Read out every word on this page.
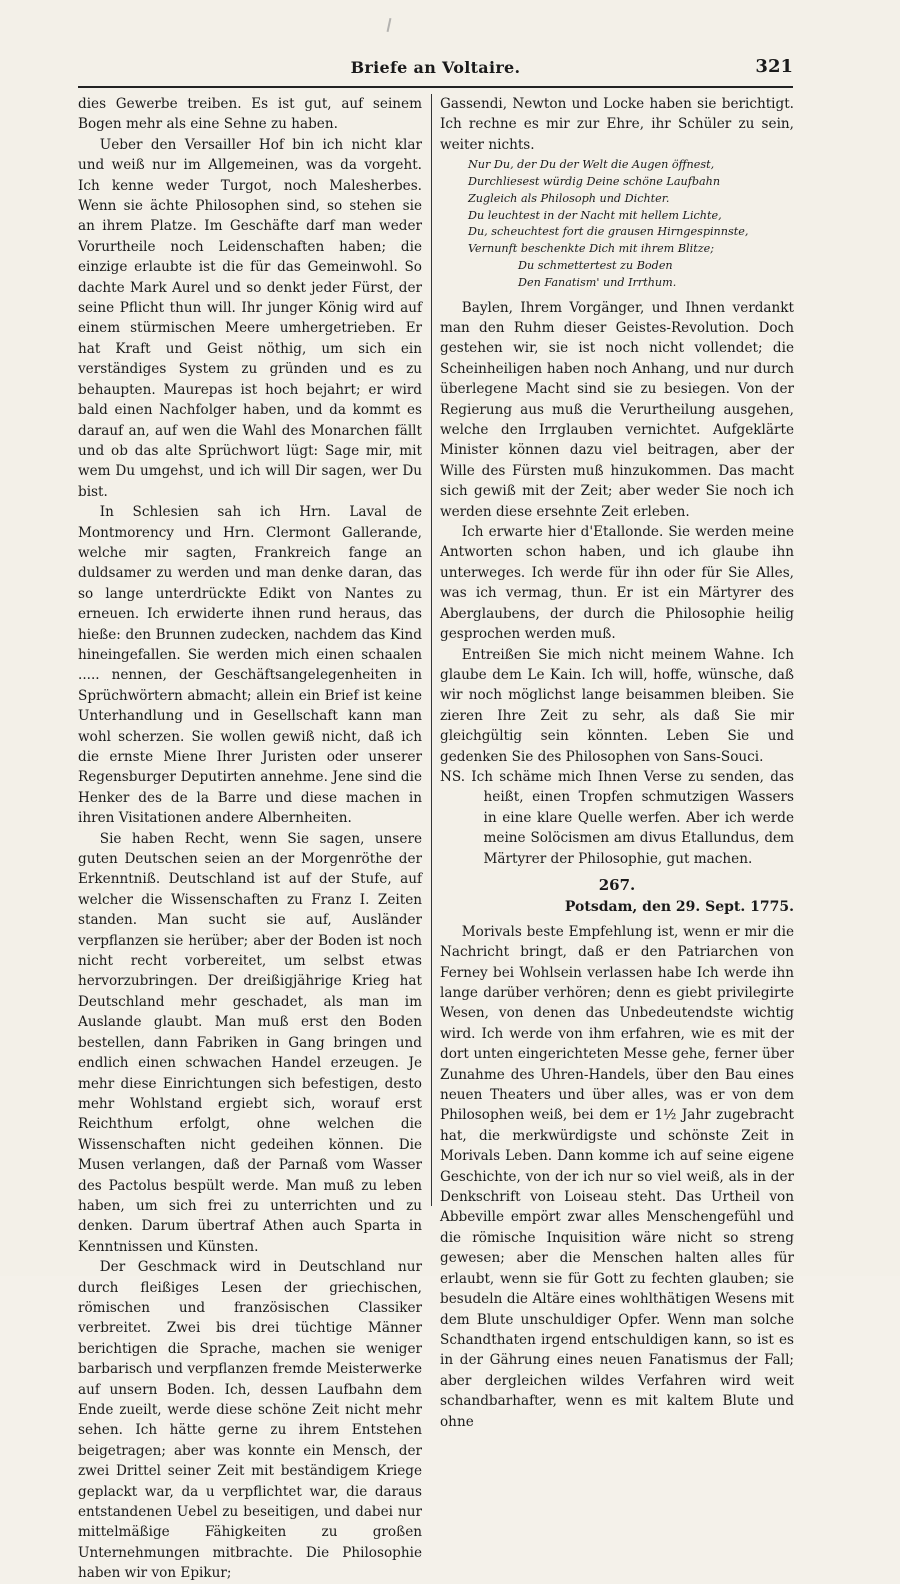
Briefe an Voltaire.	321

dies Gewerbe treiben. Es ist gut, auf seinem Bogen mehr als eine Sehne zu haben.

Ueber den Versailler Hof bin ich nicht klar und weiß nur im Allgemeinen, was da vorgeht. Ich kenne weder Turgot, noch Malesherbes. Wenn sie ächte Philosophen sind, so stehen sie an ihrem Platze. Im Geschäfte darf man weder Vorurtheile noch Leidenschaften haben; die einzige erlaubte ist die für das Gemeinwohl. So dachte Mark Aurel und so denkt jeder Fürst, der seine Pflicht thun will. Ihr junger König wird auf einem stürmischen Meere umhergetrieben. Er hat Kraft und Geist nöthig, um sich ein verständiges System zu gründen und es zu behaupten. Maurepas ist hoch bejahrt; er wird bald einen Nachfolger haben, und da kommt es darauf an, auf wen die Wahl des Monarchen fällt und ob das alte Sprüchwort lügt: Sage mir, mit wem Du umgehst, und ich will Dir sagen, wer Du bist.

In Schlesien sah ich Hrn. Laval de Montmorency und Hrn. Clermont Gallerande, welche mir sagten, Frankreich fange an duldsamer zu werden und man denke daran, das so lange unterdrückte Edikt von Nantes zu erneuen. Ich erwiderte ihnen rund heraus, das hieße: den Brunnen zudecken, nachdem das Kind hineingefallen. Sie werden mich einen schaalen ..... nennen, der Geschäftsangelegenheiten in Sprüchwörtern abmacht; allein ein Brief ist keine Unterhandlung und in Gesellschaft kann man wohl scherzen. Sie wollen gewiß nicht, daß ich die ernste Miene Ihrer Juristen oder unserer Regensburger Deputirten annehme. Jene sind die Henker des de la Barre und diese machen in ihren Visitationen andere Albernheiten.

Sie haben Recht, wenn Sie sagen, unsere guten Deutschen seien an der Morgenröthe der Erkenntniß. Deutschland ist auf der Stufe, auf welcher die Wissenschaften zu Franz I. Zeiten standen. Man sucht sie auf, Ausländer verpflanzen sie herüber; aber der Boden ist noch nicht recht vorbereitet, um selbst etwas hervorzubringen. Der dreißigjährige Krieg hat Deutschland mehr geschadet, als man im Auslande glaubt. Man muß erst den Boden bestellen, dann Fabriken in Gang bringen und endlich einen schwachen Handel erzeugen. Je mehr diese Einrichtungen sich befestigen, desto mehr Wohlstand ergiebt sich, worauf erst Reichthum erfolgt, ohne welchen die Wissenschaften nicht gedeihen können. Die Musen verlangen, daß der Parnaß vom Wasser des Pactolus bespült werde. Man muß zu leben haben, um sich frei zu unterrichten und zu denken. Darum übertraf Athen auch Sparta in Kenntnissen und Künsten.

Der Geschmack wird in Deutschland nur durch fleißiges Lesen der griechischen, römischen und französischen Classiker verbreitet. Zwei bis drei tüchtige Männer berichtigen die Sprache, machen sie weniger barbarisch und verpflanzen fremde Meisterwerke auf unsern Boden. Ich, dessen Laufbahn dem Ende zueilt, werde diese schöne Zeit nicht mehr sehen. Ich hätte gerne zu ihrem Entstehen beigetragen; aber was konnte ein Mensch, der zwei Drittel seiner Zeit mit beständigem Kriege geplackt war, da u verpflichtet war, die daraus entstandenen Uebel zu beseitigen, und dabei nur mittelmäßige Fähigkeiten zu großen Unternehmungen mitbrachte. Die Philosophie haben wir von Epikur;

Gassendi, Newton und Locke haben sie berichtigt. Ich rechne es mir zur Ehre, ihr Schüler zu sein, weiter nichts.

Nur Du, der Du der Welt die Augen öffnest,
Durchliesest würdig Deine schöne Laufbahn
Zugleich als Philosoph und Dichter.
Du leuchtest in der Nacht mit hellem Lichte,
Du, scheuchtest fort die grausen Hirngespinnste,
Vernunft beschenkte Dich mit ihrem Blitze;
Du schmettertest zu Boden
Den Fanatism' und Irrthum.

Baylen, Ihrem Vorgänger, und Ihnen verdankt man den Ruhm dieser Geistes-Revolution. Doch gestehen wir, sie ist noch nicht vollendet; die Scheinheiligen haben noch Anhang, und nur durch überlegene Macht sind sie zu besiegen. Von der Regierung aus muß die Verurtheilung ausgehen, welche den Irrglauben vernichtet. Aufgeklärte Minister können dazu viel beitragen, aber der Wille des Fürsten muß hinzukommen. Das macht sich gewiß mit der Zeit; aber weder Sie noch ich werden diese ersehnte Zeit erleben.

Ich erwarte hier d'Etallonde. Sie werden meine Antworten schon haben, und ich glaube ihn unterweges. Ich werde für ihn oder für Sie Alles, was ich vermag, thun. Er ist ein Märtyrer des Aberglaubens, der durch die Philosophie heilig gesprochen werden muß.

Entreißen Sie mich nicht meinem Wahne. Ich glaube dem Le Kain. Ich will, hoffe, wünsche, daß wir noch möglichst lange beisammen bleiben. Sie zieren Ihre Zeit zu sehr, als daß Sie mir gleichgültig sein könnten. Leben Sie und gedenken Sie des Philosophen von Sans-Souci.

NS. Ich schäme mich Ihnen Verse zu senden, das heißt, einen Tropfen schmutzigen Wassers in eine klare Quelle werfen. Aber ich werde meine Solöcismen am divus Etallundus, dem Märtyrer der Philosophie, gut machen.

267.
Potsdam, den 29. Sept. 1775.

Morivals beste Empfehlung ist, wenn er mir die Nachricht bringt, daß er den Patriarchen von Ferney bei Wohlsein verlassen habe Ich werde ihn lange darüber verhören; denn es giebt privilegirte Wesen, von denen das Unbedeutendste wichtig wird. Ich werde von ihm erfahren, wie es mit der dort unten eingerichteten Messe gehe, ferner über Zunahme des Uhren-Handels, über den Bau eines neuen Theaters und über alles, was er von dem Philosophen weiß, bei dem er 1½ Jahr zugebracht hat, die merkwürdigste und schönste Zeit in Morivals Leben. Dann komme ich auf seine eigene Geschichte, von der ich nur so viel weiß, als in der Denkschrift von Loiseau steht. Das Urtheil von Abbeville empört zwar alles Menschengefühl und die römische Inquisition wäre nicht so streng gewesen; aber die Menschen halten alles für erlaubt, wenn sie für Gott zu fechten glauben; sie besudeln die Altäre eines wohlthätigen Wesens mit dem Blute unschuldiger Opfer. Wenn man solche Schandthaten irgend entschuldigen kann, so ist es in der Gährung eines neuen Fanatismus der Fall; aber dergleichen wildes Verfahren wird weit schandbarhafter, wenn es mit kaltem Blute und ohne
